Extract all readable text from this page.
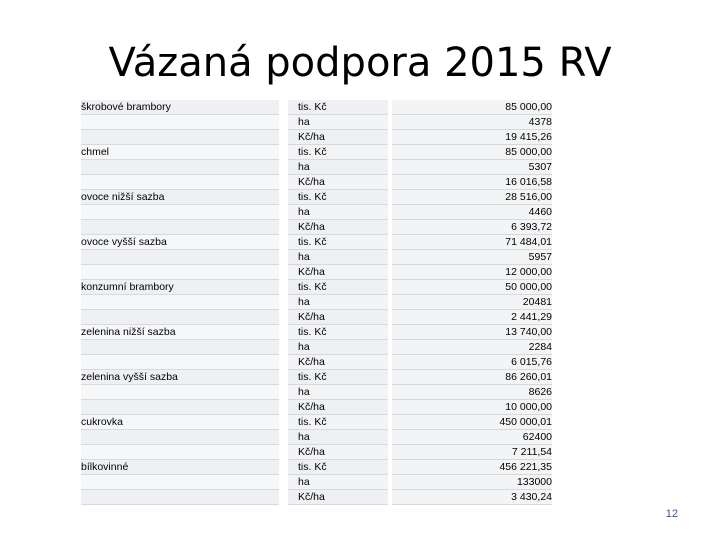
Vázaná podpora 2015 RV
škrobové brambory
chmel
ovoce nižší sazba
ovoce vyšší sazba
konzumní brambory
zelenina nižší sazba
zelenina vyšší sazba
cukrovka
bílkovinné
tis. Kč
ha
Kč/ha
tis. Kč
ha
Kč/ha
tis. Kč
ha
Kč/ha
tis. Kč
ha
Kč/ha
tis. Kč
ha
Kč/ha
tis. Kč
ha
Kč/ha
tis. Kč
ha
Kč/ha
tis. Kč
ha
Kč/ha
tis. Kč
ha
Kč/ha
85 000,00
4378
19 415,26
85 000,00
5307
16 016,58
28 516,00
4460
6 393,72
71 484,01
5957
12 000,00
50 000,00
20481
2 441,29
13 740,00
2284
6 015,76
86 260,01
8626
10 000,00
450 000,01
62400
7 211,54
456 221,35
133000
3 430,24
12
